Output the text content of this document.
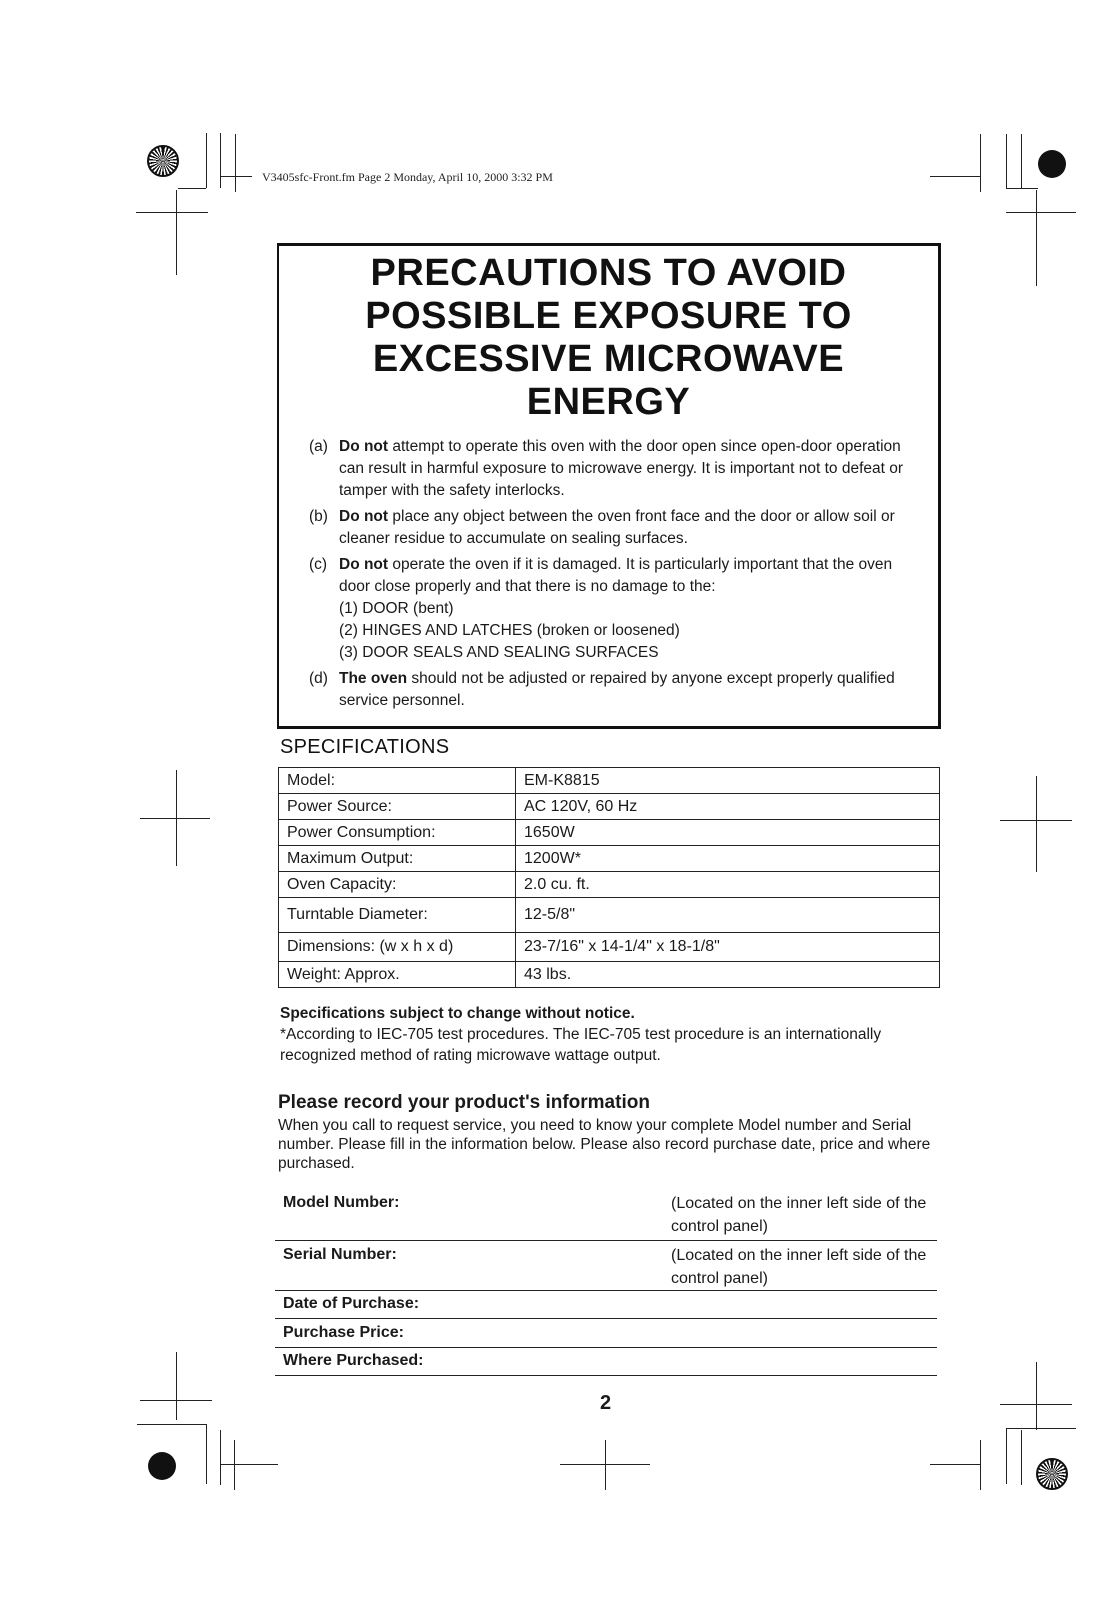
V3405sfc-Front.fm Page 2 Monday, April 10, 2000 3:32 PM
PRECAUTIONS TO AVOID
POSSIBLE EXPOSURE TO
EXCESSIVE MICROWAVE
ENERGY
(a) Do not attempt to operate this oven with the door open since open-door operation can result in harmful exposure to microwave energy. It is important not to defeat or tamper with the safety interlocks.
(b) Do not place any object between the oven front face and the door or allow soil or cleaner residue to accumulate on sealing surfaces.
(c) Do not operate the oven if it is damaged. It is particularly important that the oven door close properly and that there is no damage to the:
(1) DOOR (bent)
(2) HINGES AND LATCHES (broken or loosened)
(3) DOOR SEALS AND SEALING SURFACES
(d) The oven should not be adjusted or repaired by anyone except properly qualified service personnel.
SPECIFICATIONS
Model:	EM-K8815
Power Source:	AC 120V, 60 Hz
Power Consumption:	1650W
Maximum Output:	1200W*
Oven Capacity:	2.0 cu. ft.
Turntable Diameter:	12-5/8"
Dimensions: (w x h x d)	23-7/16" x 14-1/4" x 18-1/8"
Weight: Approx.	43 lbs.
Specifications subject to change without notice.
*According to IEC-705 test procedures. The IEC-705 test procedure is an internationally recognized method of rating microwave wattage output.
Please record your product's information
When you call to request service, you need to know your complete Model number and Serial number. Please fill in the information below. Please also record purchase date, price and where purchased.
Model Number:	(Located on the inner left side of the control panel)
Serial Number:	(Located on the inner left side of the control panel)
Date of Purchase:
Purchase Price:
Where Purchased:
2
